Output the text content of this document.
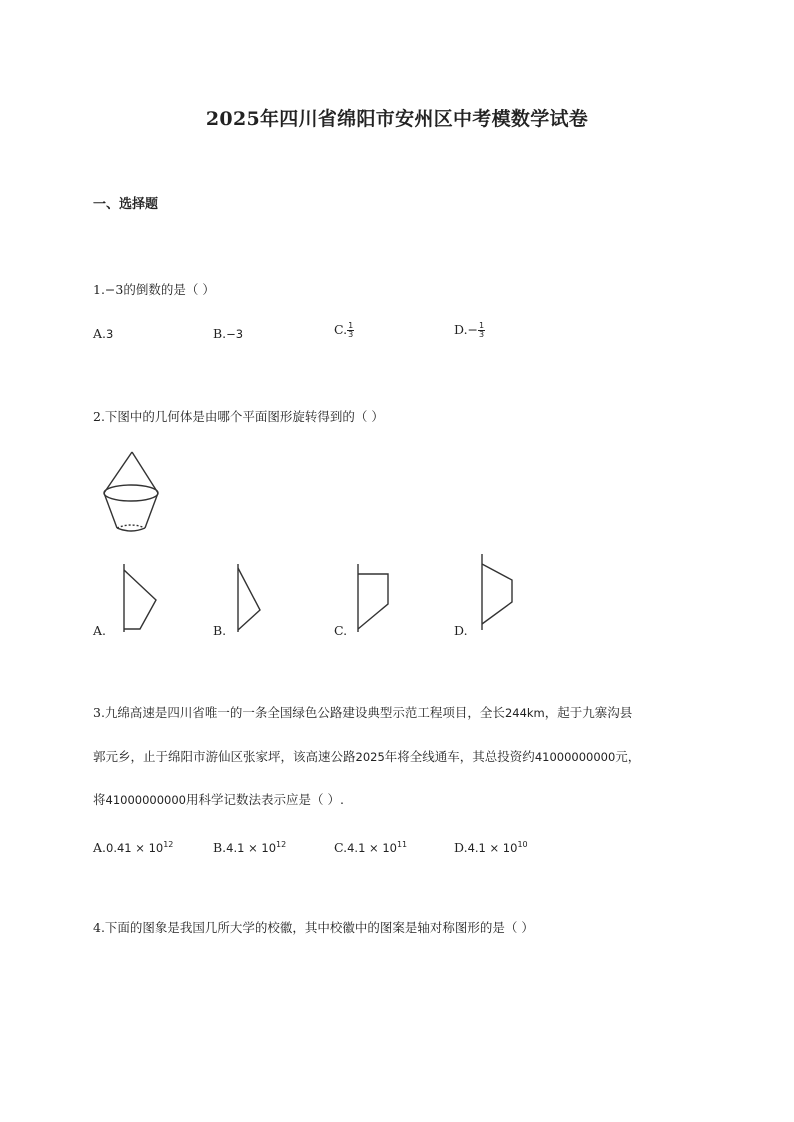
2025年四川省绵阳市安州区中考模数学试卷
一、选择题
1.−3的倒数的是（ ）
A.3	B.−3	C. $\frac{1}{3}$	$D.- \frac{1}{3}$
2.下图中的几何体是由哪个平面图形旋转得到的（ ）
A.	B.	C.	D.
3.九绵高速是四川省唯一的一条全国绿色公路建设典型示范工程项目，全长244km，起于九寨沟县
郭元乡，止于绵阳市游仙区张家坪，该高速公路2025年将全线通车，其总投资约41000000000元，
将41000000000用科学记数法表示应是（ ）.
$A.0.41 \times 10^{12}$	$B.4.1 \times 10^{12}$	$C.4.1 \times 10^{11}$	$D.4.1 \times 10^{10}$
4.下面的图象是我国几所大学的校徽，其中校徽中的图案是轴对称图形的是（ ）
